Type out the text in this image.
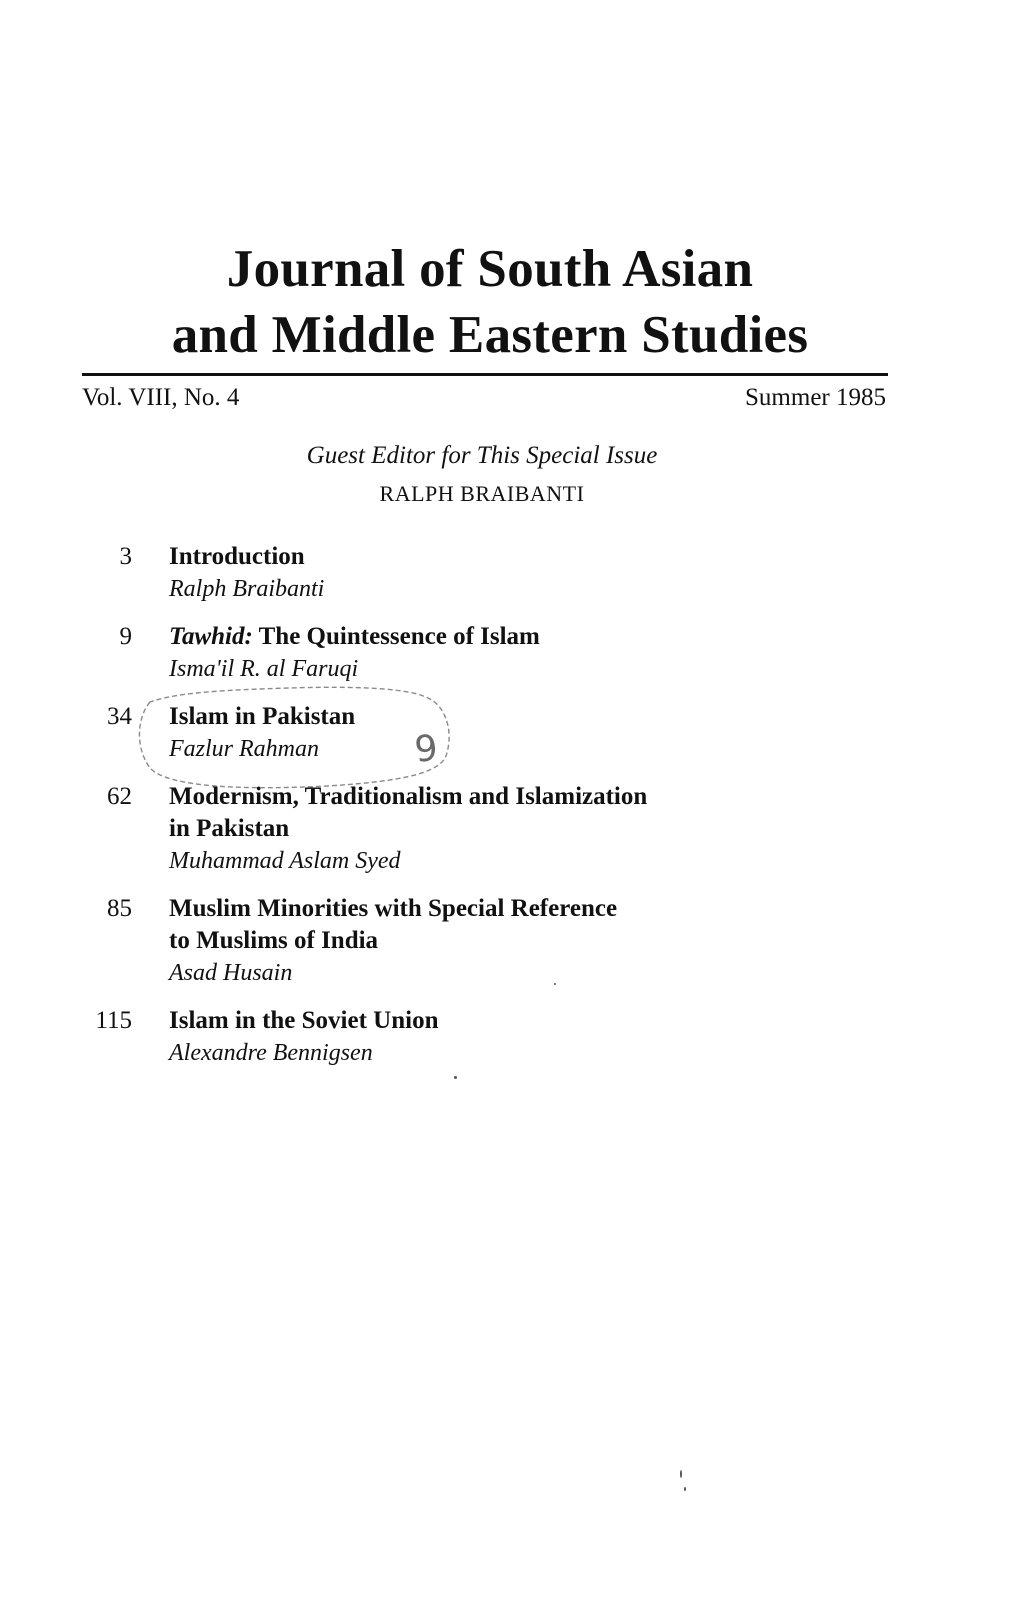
Journal of South Asian
and Middle Eastern Studies
Vol. VIII, No. 4	Summer 1985
Guest Editor for This Special Issue
RALPH BRAIBANTI
3 Introduction
Ralph Braibanti
9 Tawhid: The Quintessence of Islam
Isma'il R. al Faruqi
34 Islam in Pakistan
Fazlur Rahman
62 Modernism, Traditionalism and Islamization
in Pakistan
Muhammad Aslam Syed
85 Muslim Minorities with Special Reference
to Muslims of India
Asad Husain
115 Islam in the Soviet Union
Alexandre Bennigsen
9
